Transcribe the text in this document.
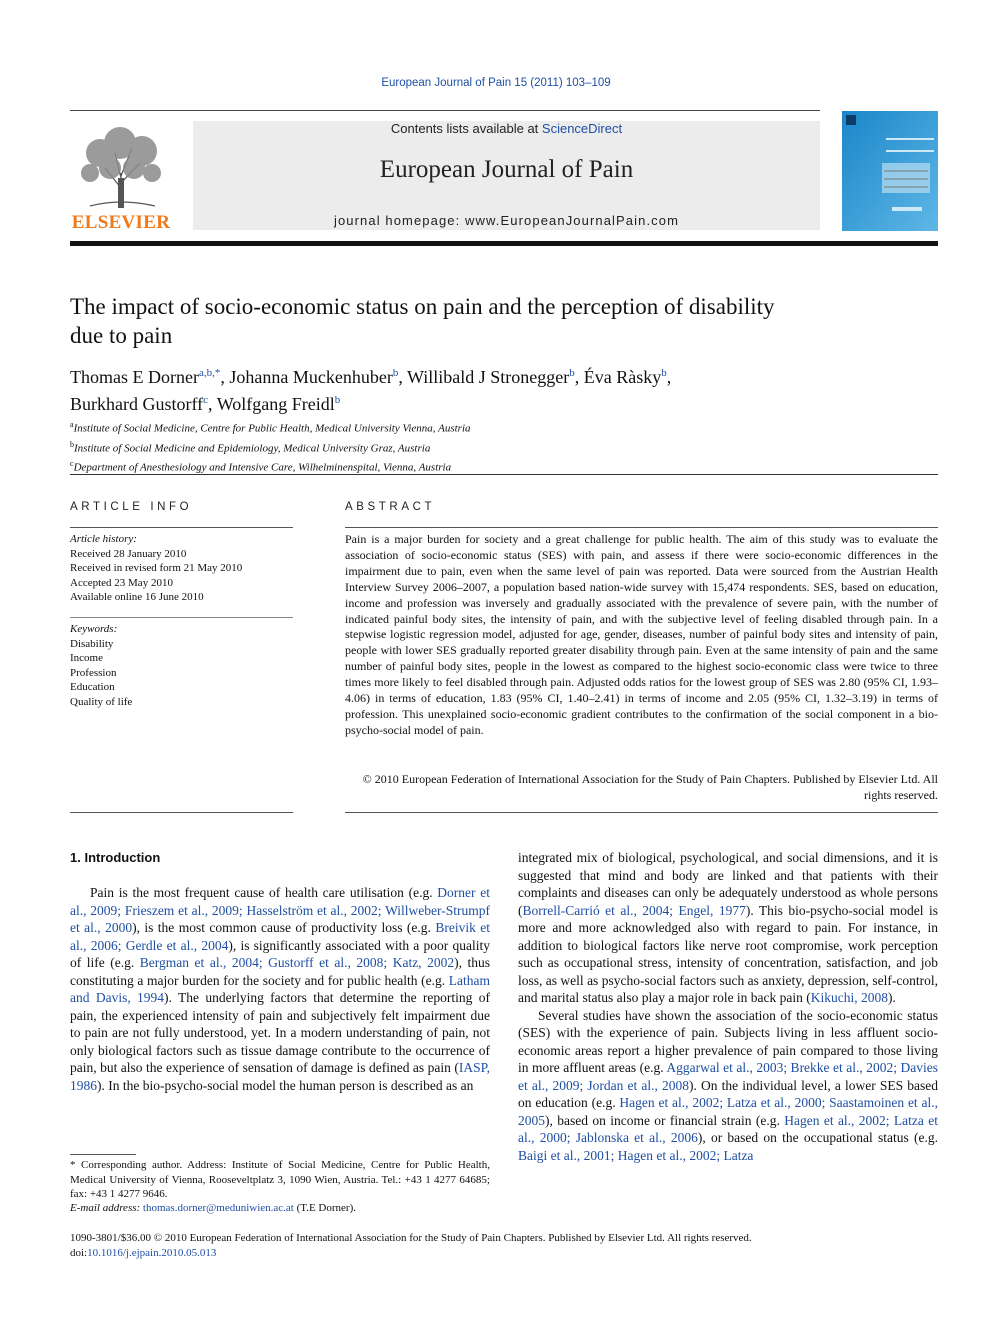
European Journal of Pain 15 (2011) 103–109
ELSEVIER
Contents lists available at ScienceDirect
European Journal of Pain
journal homepage: www.EuropeanJournalPain.com
The impact of socio-economic status on pain and the perception of disability
due to pain
Thomas E Dorner$^{a,b,*}$, Johanna Muckenhuber$^b$, Willibald J Stronegger$^b$, Éva Ràsky$^b$,
Burkhard Gustorff$^c$, Wolfgang Freidl$^b$
$^a$Institute of Social Medicine, Centre for Public Health, Medical University Vienna, Austria
$^b$Institute of Social Medicine and Epidemiology, Medical University Graz, Austria
$^c$Department of Anesthesiology and Intensive Care, Wilhelminenspital, Vienna, Austria
ARTICLE INFO	ABSTRACT
Article history:
Received 28 January 2010
Received in revised form 21 May 2010
Accepted 23 May 2010
Available online 16 June 2010
Keywords:
Disability
Income
Profession
Education
Quality of life
Pain is a major burden for society and a great challenge for public health. The aim of this study was to evaluate the association of socio-economic status (SES) with pain, and assess if there were socio-economic differences in the impairment due to pain, even when the same level of pain was reported. Data were sourced from the Austrian Health Interview Survey 2006–2007, a population based nation-wide survey with 15,474 respondents. SES, based on education, income and profession was inversely and gradually associated with the prevalence of severe pain, with the number of indicated painful body sites, the intensity of pain, and with the subjective level of feeling disabled through pain. In a stepwise logistic regression model, adjusted for age, gender, diseases, number of painful body sites and intensity of pain, people with lower SES gradually reported greater disability through pain. Even at the same intensity of pain and the same number of painful body sites, people in the lowest as compared to the highest socio-economic class were twice to three times more likely to feel disabled through pain. Adjusted odds ratios for the lowest group of SES was 2.80 (95% CI, 1.93–4.06) in terms of education, 1.83 (95% CI, 1.40–2.41) in terms of income and 2.05 (95% CI, 1.32–3.19) in terms of profession. This unexplained socio-economic gradient contributes to the confirmation of the social component in a bio-psycho-social model of pain.
© 2010 European Federation of International Association for the Study of Pain Chapters. Published by Elsevier Ltd. All rights reserved.
1. Introduction
Pain is the most frequent cause of health care utilisation (e.g. Dorner et al., 2009; Frieszem et al., 2009; Hasselström et al., 2002; Willweber-Strumpf et al., 2000), is the most common cause of productivity loss (e.g. Breivik et al., 2006; Gerdle et al., 2004), is significantly associated with a poor quality of life (e.g. Bergman et al., 2004; Gustorff et al., 2008; Katz, 2002), thus constituting a major burden for the society and for public health (e.g. Latham and Davis, 1994). The underlying factors that determine the reporting of pain, the experienced intensity of pain and subjectively felt impairment due to pain are not fully understood, yet. In a modern understanding of pain, not only biological factors such as tissue damage contribute to the occurrence of pain, but also the experience of sensation of damage is defined as pain (IASP, 1986). In the bio-psycho-social model the human person is described as an

integrated mix of biological, psychological, and social dimensions, and it is suggested that mind and body are linked and that patients with their complaints and diseases can only be adequately understood as whole persons (Borrell-Carrió et al., 2004; Engel, 1977). This bio-psycho-social model is more and more acknowledged also with regard to pain. For instance, in addition to biological factors like nerve root compromise, work perception such as occupational stress, intensity of concentration, satisfaction, and job loss, as well as psycho-social factors such as anxiety, depression, self-control, and marital status also play a major role in back pain (Kikuchi, 2008).

Several studies have shown the association of the socio-economic status (SES) with the experience of pain. Subjects living in less affluent socio-economic areas report a higher prevalence of pain compared to those living in more affluent areas (e.g. Aggarwal et al., 2003; Brekke et al., 2002; Davies et al., 2009; Jordan et al., 2008). On the individual level, a lower SES based on education (e.g. Hagen et al., 2002; Latza et al., 2000; Saastamoinen et al., 2005), based on income or financial strain (e.g. Hagen et al., 2002; Latza et al., 2000; Jablonska et al., 2006), or based on the occupational status (e.g. Baigi et al., 2001; Hagen et al., 2002; Latza

* Corresponding author. Address: Institute of Social Medicine, Centre for Public Health, Medical University of Vienna, Rooseveltplatz 3, 1090 Wien, Austria. Tel.: +43 1 4277 64685; fax: +43 1 4277 9646.
E-mail address: thomas.dorner@meduniwien.ac.at (T.E Dorner).
1090-3801/$36.00 © 2010 European Federation of International Association for the Study of Pain Chapters. Published by Elsevier Ltd. All rights reserved.
doi:10.1016/j.ejpain.2010.05.013
